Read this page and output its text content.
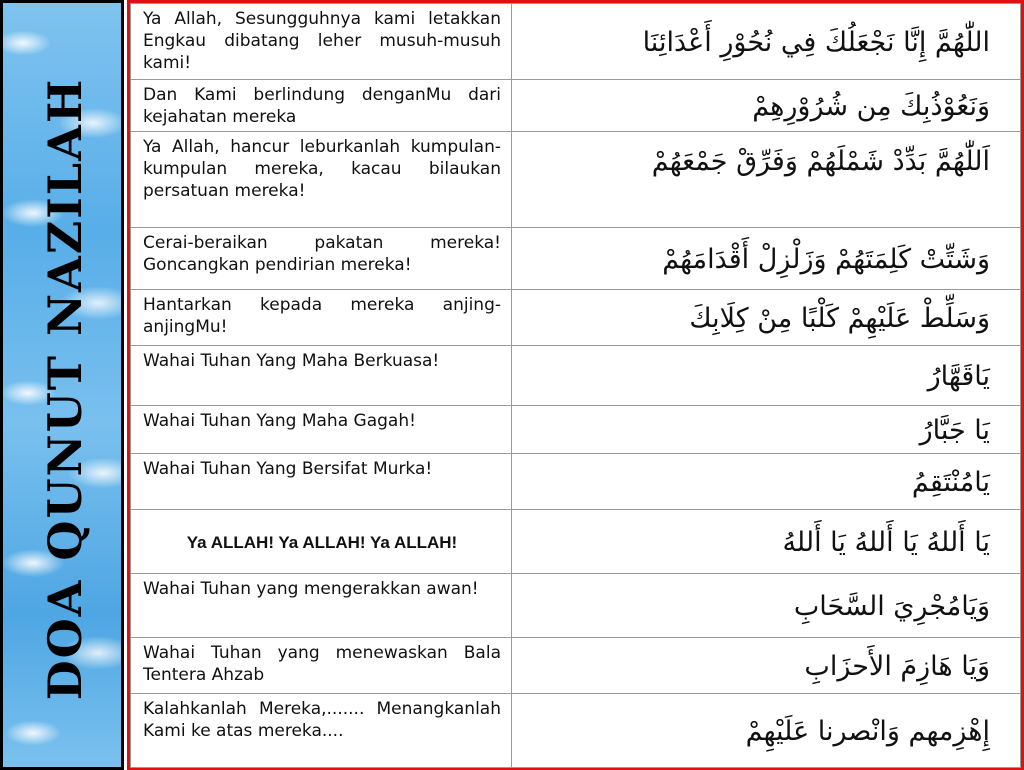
DOA QUNUT NAZILAH
Ya Allah, Sesungguhnya kami letakkan Engkau dibatang leher musuh-musuh kami!	اللّٰهُمَّ إِنَّا نَجْعَلُكَ فِي نُحُوْرِ أَعْدَائِنَا
Dan Kami berlindung denganMu dari kejahatan mereka	وَنَعُوْذُبِكَ مِن شُرُوْرِهِمْ
Ya Allah, hancur leburkanlah kumpulan-kumpulan mereka, kacau bilaukan persatuan mereka!	اَللّٰهُمَّ بَدِّدْ شَمْلَهُمْ وَفَرِّقْ جَمْعَهُمْ
Cerai-beraikan pakatan mereka! Goncangkan pendirian mereka!	وَشَتِّتْ كَلِمَتَهُمْ وَزَلْزِلْ أَقْدَامَهُمْ
Hantarkan kepada mereka anjing-anjingMu!	وَسَلِّطْ عَلَيْهِمْ كَلْبًا مِنْ كِلَابِكَ
Wahai Tuhan Yang Maha Berkuasa!	يَاقَهَّارُ
Wahai Tuhan Yang Maha Gagah!	يَا جَبَّارُ
Wahai Tuhan Yang Bersifat Murka!	يَامُنْتَقِمُ
Ya ALLAH! Ya ALLAH! Ya ALLAH!	يَا أَللهُ يَا أَللهُ يَا أَللهُ
Wahai Tuhan yang mengerakkan awan!	وَيَامُجْرِيَ السَّحَابِ
Wahai Tuhan yang menewaskan Bala Tentera Ahzab	وَيَا هَازِمَ الأَحزَابِ
Kalahkanlah Mereka,....... Menangkanlah Kami ke atas mereka....	إِهْزِمهم وَانْصرنا عَلَيْهِمْ
